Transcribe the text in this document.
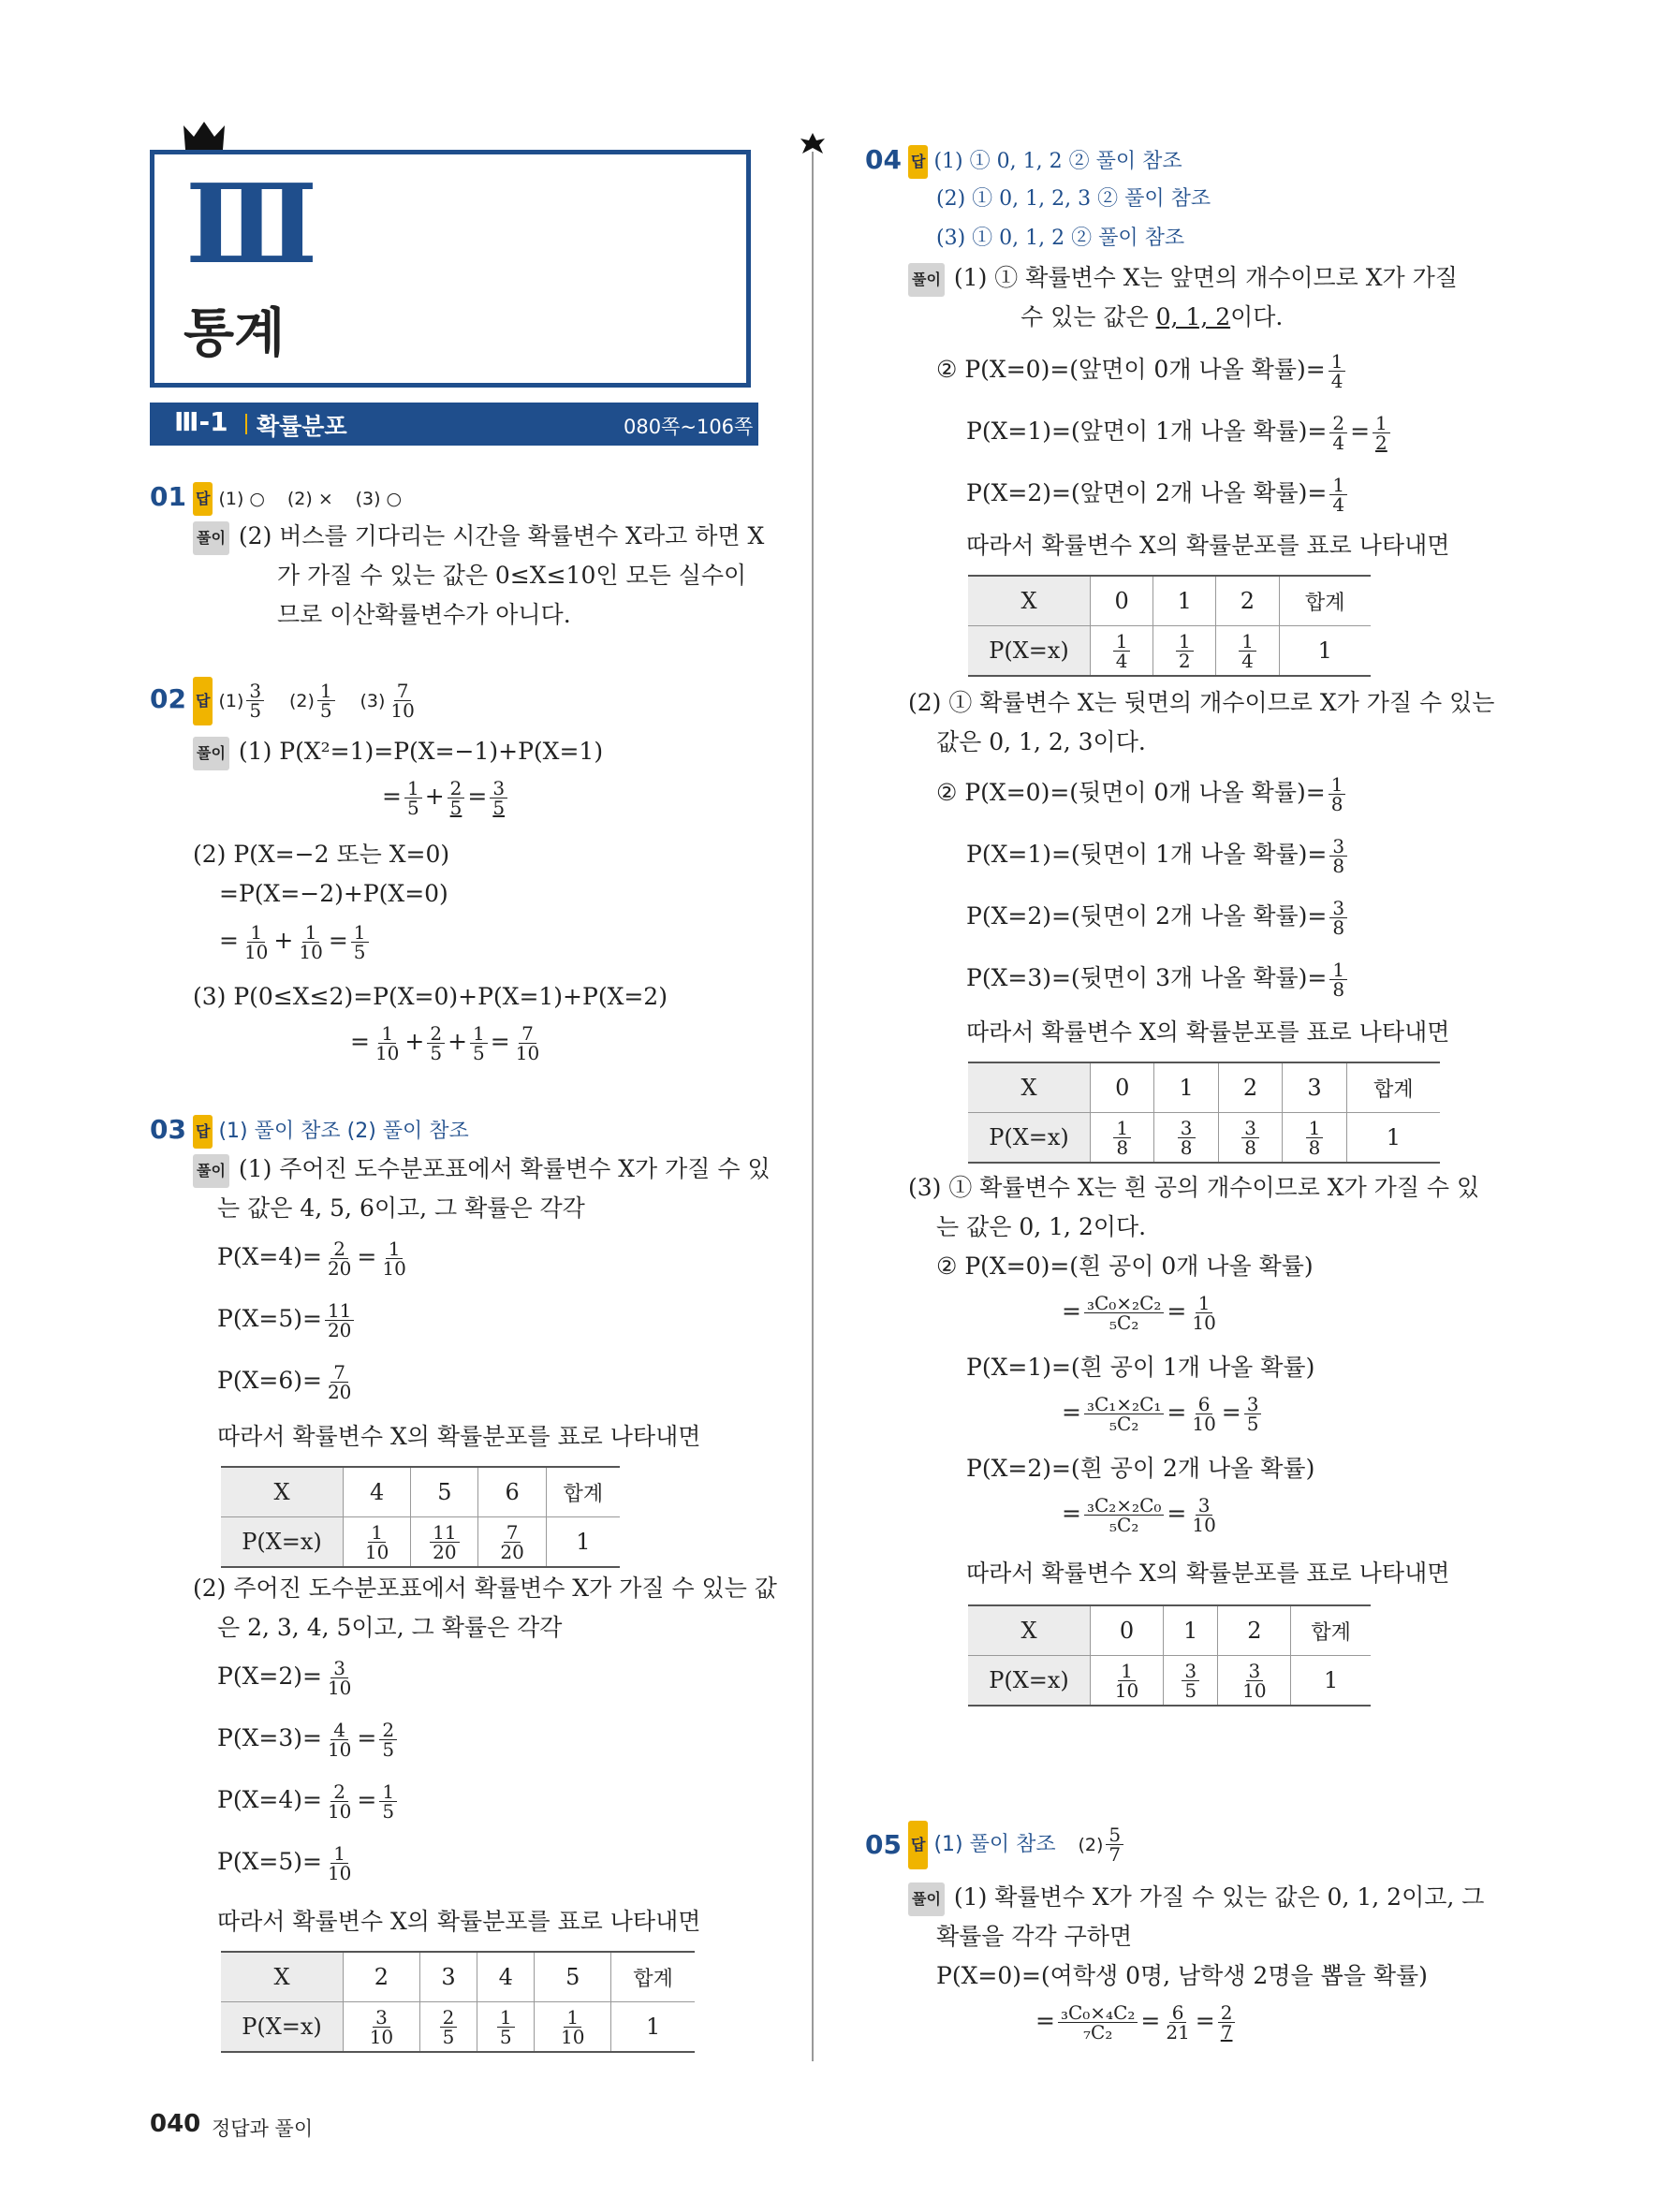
Ⅲ
통계
Ⅲ-1 확률분포	080쪽~106쪽
01 답 (1) ○ (2) × (3) ○
풀이 (2) 버스를 기다리는 시간을 확률변수 X라고 하면 X
가 가질 수 있는 값은 0≤X≤10인 모든 실수이
므로 이산확률변수가 아니다.
02 답 $(1) \frac{3}{5} (2) \frac{1}{5} (3) \frac{7}{10}$
풀이 (1) P(X²=1)=P(X=−1)+P(X=1)
= $\frac{1}{5} + \frac{2}{5} = \frac{3}{5}$
(2) P(X=−2 또는 X=0)
=P(X=−2)+P(X=0)
= $\frac{1}{10} + \frac{1}{10} = \frac{1}{5}$
(3) P(0≤X≤2)=P(X=0)+P(X=1)+P(X=2)
= $\frac{1}{10} + \frac{2}{5} + \frac{1}{5} = \frac{7}{10}$
03 답 (1) 풀이 참조 (2) 풀이 참조
풀이 (1) 주어진 도수분포표에서 확률변수 X가 가질 수 있
는 값은 4, 5, 6이고, 그 확률은 각각
$P(X=4)= \frac{2}{20} = \frac{1}{10}$
$P(X=5)= \frac{11}{20}$
$P(X=6)= \frac{7}{20}$
따라서 확률변수 X의 확률분포를 표로 나타내면
X	4	5	6	합계
P(X=x)	$\frac{1}{10}$	$\frac{11}{20}$	$\frac{7}{20}$	1
(2) 주어진 도수분포표에서 확률변수 X가 가질 수 있는 값
은 2, 3, 4, 5이고, 그 확률은 각각
$P(X=2)= \frac{3}{10}$
$P(X=3)= \frac{4}{10} = \frac{2}{5}$
$P(X=4)= \frac{2}{10} = \frac{1}{5}$
$P(X=5)= \frac{1}{10}$
따라서 확률변수 X의 확률분포를 표로 나타내면
X	2	3	4	5	합계
P(X=x)	$\frac{3}{10}$	$\frac{2}{5}$	$\frac{1}{5}$	$\frac{1}{10}$	1
04 답 (1) ① 0, 1, 2 ② 풀이 참조
(2) ① 0, 1, 2, 3 ② 풀이 참조
(3) ① 0, 1, 2 ② 풀이 참조
풀이 (1) ① 확률변수 X는 앞면의 개수이므로 X가 가질
수 있는 값은 0, 1, 2이다.
② P(X=0)=(앞면이 0개 나올 확률)= $\frac{1}{4}$
P(X=1)=(앞면이 1개 나올 확률)= $\frac{2}{4} = \frac{1}{2}$
P(X=2)=(앞면이 2개 나올 확률)= $\frac{1}{4}$
따라서 확률변수 X의 확률분포를 표로 나타내면
X	0	1	2	합계
P(X=x)	$\frac{1}{4}$	$\frac{1}{2}$	$\frac{1}{4}$	1
(2) ① 확률변수 X는 뒷면의 개수이므로 X가 가질 수 있는
값은 0, 1, 2, 3이다.
② P(X=0)=(뒷면이 0개 나올 확률)= $\frac{1}{8}$
P(X=1)=(뒷면이 1개 나올 확률)= $\frac{3}{8}$
P(X=2)=(뒷면이 2개 나올 확률)= $\frac{3}{8}$
P(X=3)=(뒷면이 3개 나올 확률)= $\frac{1}{8}$
따라서 확률변수 X의 확률분포를 표로 나타내면
X	0	1	2	3	합계
P(X=x)	$\frac{1}{8}$	$\frac{3}{8}$	$\frac{3}{8}$	$\frac{1}{8}$	1
(3) ① 확률변수 X는 흰 공의 개수이므로 X가 가질 수 있
는 값은 0, 1, 2이다.
② P(X=0)=(흰 공이 0개 나올 확률)
= $\frac{\text{₃C₀×₂C₂}}{\text{₅C₂}} = \frac{1}{10}$
P(X=1)=(흰 공이 1개 나올 확률)
= $\frac{\text{₃C₁×₂C₁}}{\text{₅C₂}} = \frac{6}{10} = \frac{3}{5}$
P(X=2)=(흰 공이 2개 나올 확률)
= $\frac{\text{₃C₂×₂C₀}}{\text{₅C₂}} = \frac{3}{10}$
따라서 확률변수 X의 확률분포를 표로 나타내면
X	0	1	2	합계
P(X=x)	$\frac{1}{10}$	$\frac{3}{5}$	$\frac{3}{10}$	1
05 답 (1) 풀이 참조 $(2) \frac{5}{7}$
풀이 (1) 확률변수 X가 가질 수 있는 값은 0, 1, 2이고, 그
확률을 각각 구하면
P(X=0)=(여학생 0명, 남학생 2명을 뽑을 확률)
= $\frac{\text{₃C₀×₄C₂}}{\text{₇C₂}} = \frac{6}{21} = \frac{2}{7}$
040 정답과 풀이
